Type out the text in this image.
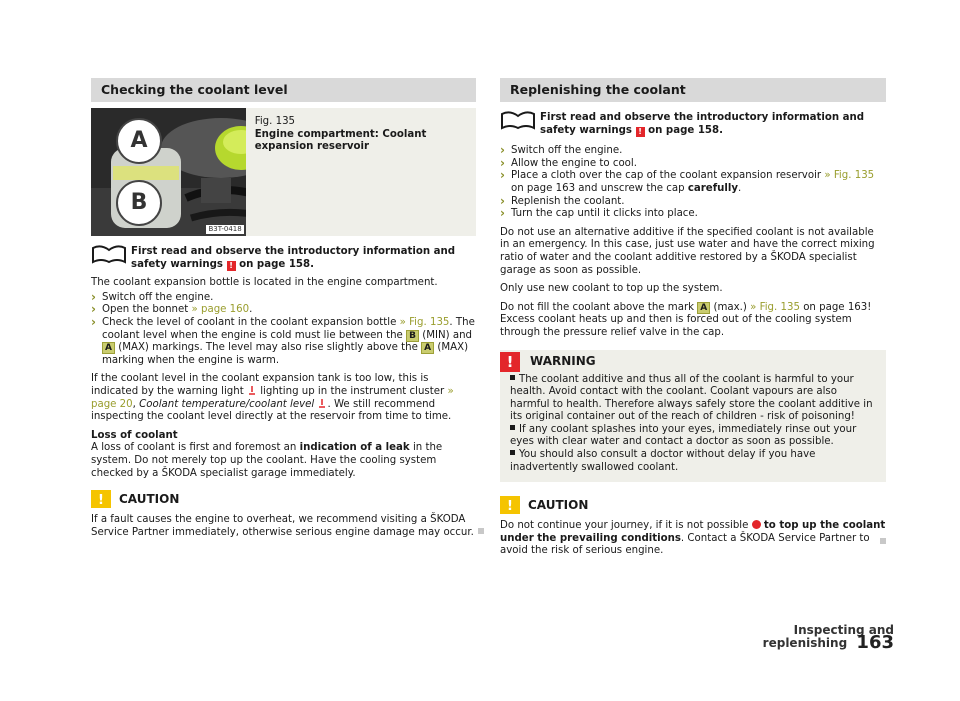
Checking the coolant level
A
B
B3T-0418
Fig. 135
Engine compartment: Coolant expansion reservoir
First read and observe the introductory information and safety warnings ! on page 158.

The coolant expansion bottle is located in the engine compartment.

› Switch off the engine.
› Open the bonnet » page 160.
› Check the level of coolant in the coolant expansion bottle » Fig. 135. The coolant level when the engine is cold must lie between the B (MIN) and A (MAX) markings. The level may also rise slightly above the A (MAX) marking when the engine is warm.

If the coolant level in the coolant expansion tank is too low, this is indicated by the warning light lighting up in the instrument cluster » page 20, Coolant temperature/coolant level . We still recommend inspecting the coolant level directly at the reservoir from time to time.

Loss of coolant
A loss of coolant is first and foremost an indication of a leak in the system. Do not merely top up the coolant. Have the cooling system checked by a ŠKODA specialist garage immediately.

! CAUTION

If a fault causes the engine to overheat, we recommend visiting a ŠKODA Service Partner immediately, otherwise serious engine damage may occur.

Replenishing the coolant
First read and observe the introductory information and safety warnings ! on page 158.
› Switch off the engine.
› Allow the engine to cool.
› Place a cloth over the cap of the coolant expansion reservoir » Fig. 135 on page 163 and unscrew the cap carefully.
› Replenish the coolant.
› Turn the cap until it clicks into place.

Do not use an alternative additive if the specified coolant is not available in an emergency. In this case, just use water and have the correct mixing ratio of water and the coolant additive restored by a ŠKODA specialist garage as soon as possible.

Only use new coolant to top up the system.

Do not fill the coolant above the mark A (max.) » Fig. 135 on page 163! Excess coolant heats up and then is forced out of the cooling system through the pressure relief valve in the cap.

!	WARNING
The coolant additive and thus all of the coolant is harmful to your health. Avoid contact with the coolant. Coolant vapours are also harmful to health. Therefore always safely store the coolant additive in its original container out of the reach of children - risk of poisoning!
If any coolant splashes into your eyes, immediately rinse out your eyes with clear water and contact a doctor as soon as possible.
You should also consult a doctor without delay if you have inadvertently swallowed coolant.
! CAUTION

Do not continue your journey, if it is not possible to top up the coolant under the prevailing conditions. Contact a ŠKODA Service Partner to avoid the risk of serious engine.

Inspecting and replenishing 163
